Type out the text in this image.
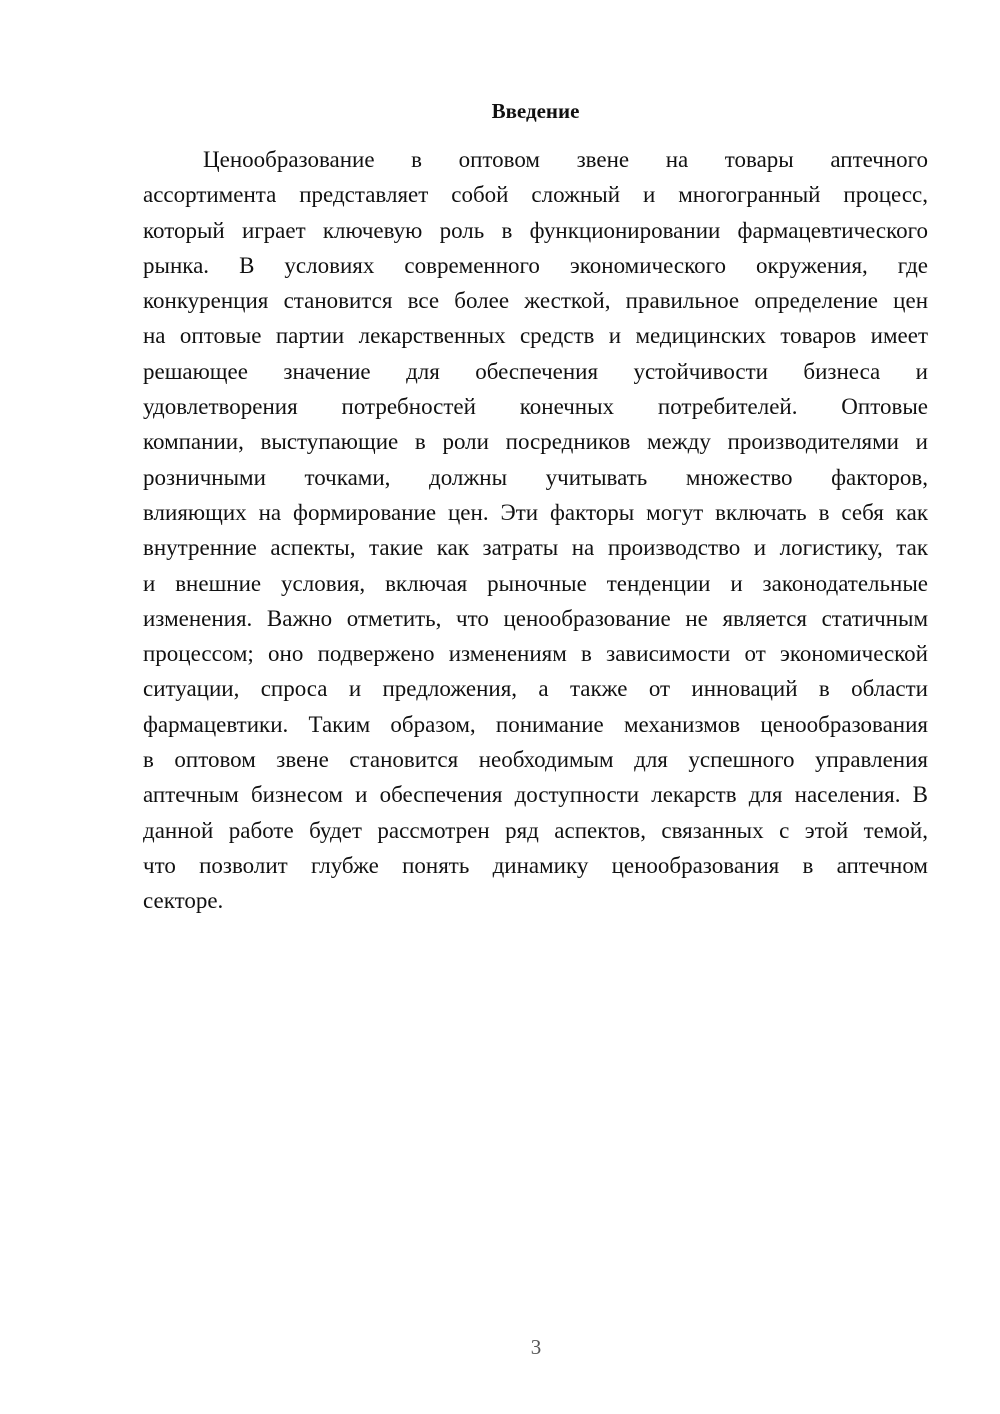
Введение
Ценообразование в оптовом звене на товары аптечного
ассортимента представляет собой сложный и многогранный процесс,
который играет ключевую роль в функционировании фармацевтического
рынка. В условиях современного экономического окружения, где
конкуренция становится все более жесткой, правильное определение цен
на оптовые партии лекарственных средств и медицинских товаров имеет
решающее значение для обеспечения устойчивости бизнеса и
удовлетворения потребностей конечных потребителей. Оптовые
компании, выступающие в роли посредников между производителями и
розничными точками, должны учитывать множество факторов,
влияющих на формирование цен. Эти факторы могут включать в себя как
внутренние аспекты, такие как затраты на производство и логистику, так
и внешние условия, включая рыночные тенденции и законодательные
изменения. Важно отметить, что ценообразование не является статичным
процессом; оно подвержено изменениям в зависимости от экономической
ситуации, спроса и предложения, а также от инноваций в области
фармацевтики. Таким образом, понимание механизмов ценообразования
в оптовом звене становится необходимым для успешного управления
аптечным бизнесом и обеспечения доступности лекарств для населения. В
данной работе будет рассмотрен ряд аспектов, связанных с этой темой,
что позволит глубже понять динамику ценообразования в аптечном
секторе.
3
